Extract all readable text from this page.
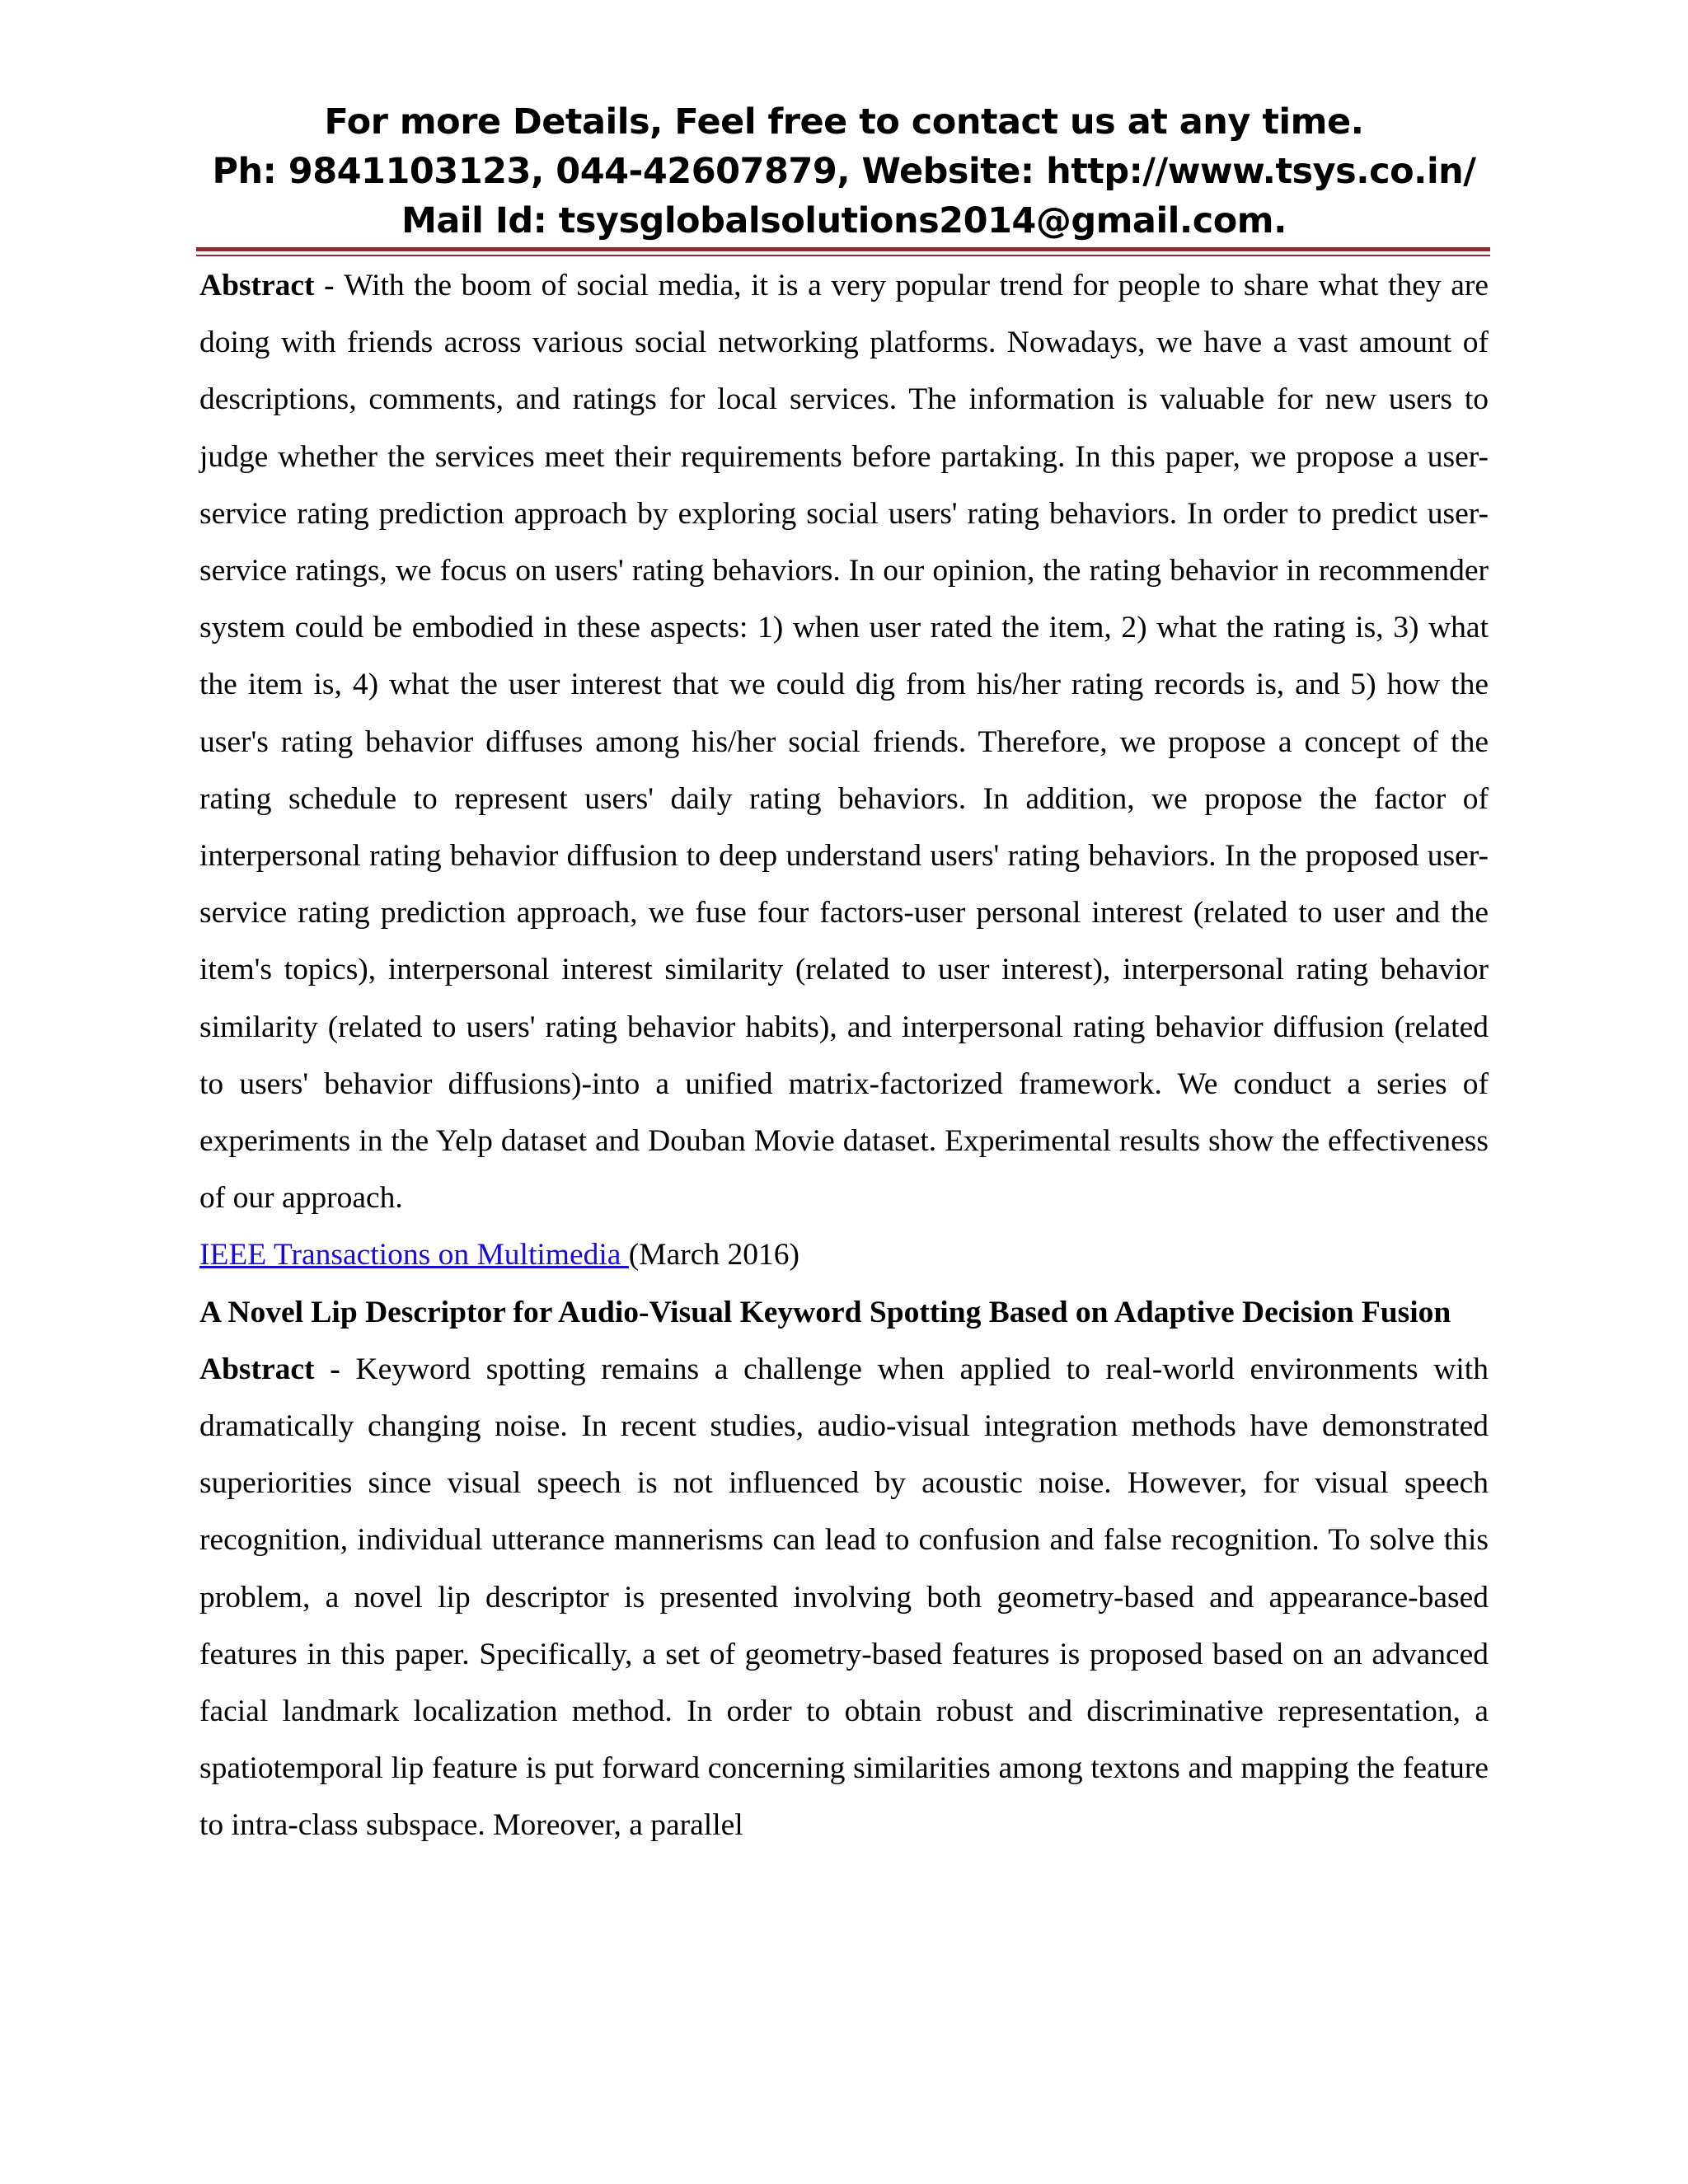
For more Details, Feel free to contact us at any time.
Ph: 9841103123, 044-42607879, Website: http://www.tsys.co.in/
Mail Id: tsysglobalsolutions2014@gmail.com.

Abstract - With the boom of social media, it is a very popular trend for people to share what they are doing with friends across various social networking platforms. Nowadays, we have a vast amount of descriptions, comments, and ratings for local services. The information is valuable for new users to judge whether the services meet their requirements before partaking. In this paper, we propose a user-service rating prediction approach by exploring social users' rating behaviors. In order to predict user-service ratings, we focus on users' rating behaviors. In our opinion, the rating behavior in recommender system could be embodied in these aspects: 1) when user rated the item, 2) what the rating is, 3) what the item is, 4) what the user interest that we could dig from his/her rating records is, and 5) how the user's rating behavior diffuses among his/her social friends. Therefore, we propose a concept of the rating schedule to represent users' daily rating behaviors. In addition, we propose the factor of interpersonal rating behavior diffusion to deep understand users' rating behaviors. In the proposed user-service rating prediction approach, we fuse four factors-user personal interest (related to user and the item's topics), interpersonal interest similarity (related to user interest), interpersonal rating behavior similarity (related to users' rating behavior habits), and interpersonal rating behavior diffusion (related to users' behavior diffusions)-into a unified matrix-factorized framework. We conduct a series of experiments in the Yelp dataset and Douban Movie dataset. Experimental results show the effectiveness of our approach.

IEEE Transactions on Multimedia (March 2016)

A Novel Lip Descriptor for Audio-Visual Keyword Spotting Based on Adaptive Decision Fusion

Abstract - Keyword spotting remains a challenge when applied to real-world environments with dramatically changing noise. In recent studies, audio-visual integration methods have demonstrated superiorities since visual speech is not influenced by acoustic noise. However, for visual speech recognition, individual utterance mannerisms can lead to confusion and false recognition. To solve this problem, a novel lip descriptor is presented involving both geometry-based and appearance-based features in this paper. Specifically, a set of geometry-based features is proposed based on an advanced facial landmark localization method. In order to obtain robust and discriminative representation, a spatiotemporal lip feature is put forward concerning similarities among textons and mapping the feature to intra-class subspace. Moreover, a parallel
